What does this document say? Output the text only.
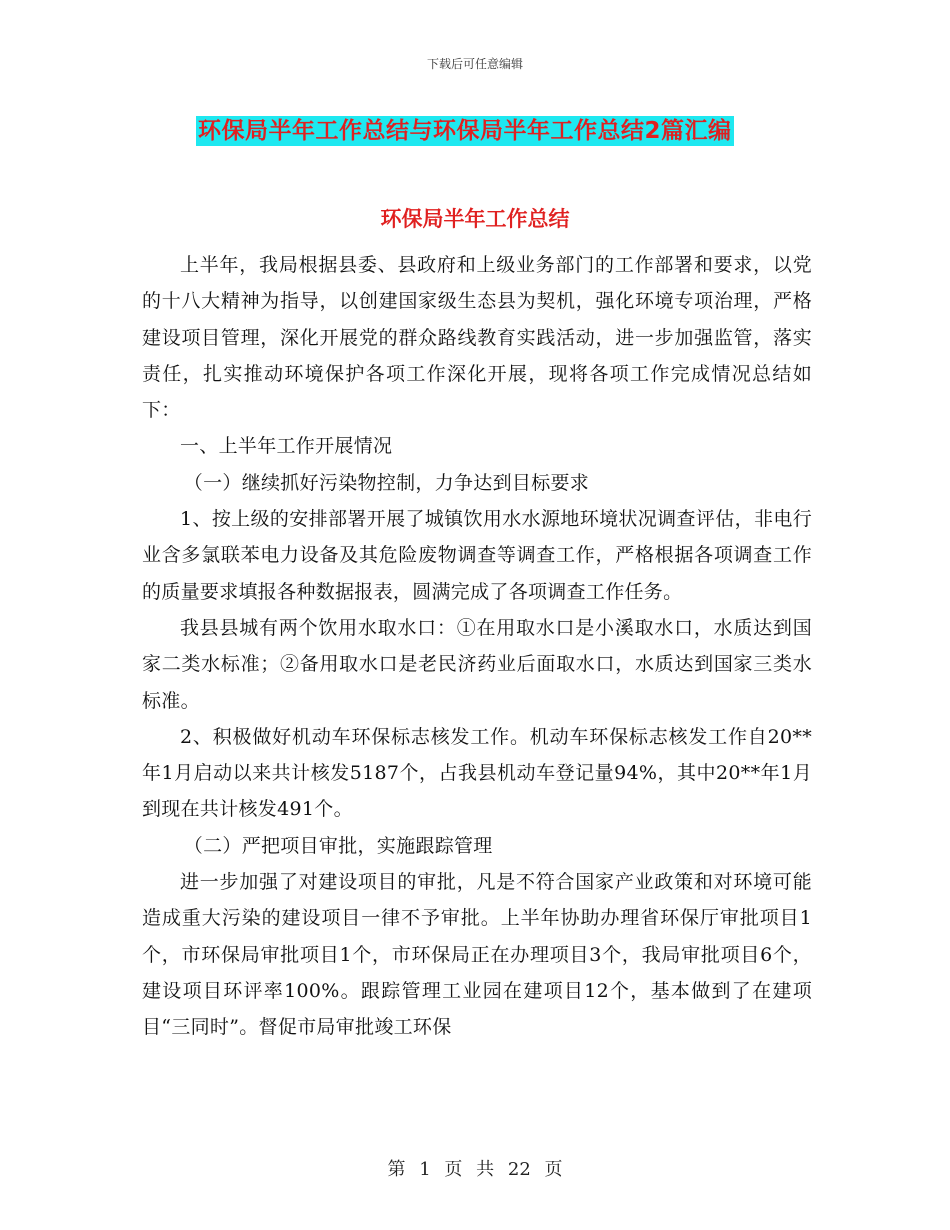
下载后可任意编辑
环保局半年工作总结与环保局半年工作总结2篇汇编
环保局半年工作总结

上半年，我局根据县委、县政府和上级业务部门的工作部署和要求，以党的十八大精神为指导，以创建国家级生态县为契机，强化环境专项治理，严格建设项目管理，深化开展党的群众路线教育实践活动，进一步加强监管，落实责任，扎实推动环境保护各项工作深化开展，现将各项工作完成情况总结如下：

一、上半年工作开展情况

（一）继续抓好污染物控制，力争达到目标要求

1、按上级的安排部署开展了城镇饮用水水源地环境状况调查评估，非电行业含多氯联苯电力设备及其危险废物调查等调查工作，严格根据各项调查工作的质量要求填报各种数据报表，圆满完成了各项调查工作任务。

我县县城有两个饮用水取水口：①在用取水口是小溪取水口，水质达到国家二类水标准；②备用取水口是老民济药业后面取水口，水质达到国家三类水标准。

2、积极做好机动车环保标志核发工作。机动车环保标志核发工作自20**年1月启动以来共计核发5187个，占我县机动车登记量94%，其中20**年1月到现在共计核发491个。

（二）严把项目审批，实施跟踪管理

进一步加强了对建设项目的审批，凡是不符合国家产业政策和对环境可能造成重大污染的建设项目一律不予审批。上半年协助办理省环保厅审批项目1个，市环保局审批项目1个，市环保局正在办理项目3个，我局审批项目6个，建设项目环评率100%。跟踪管理工业园在建项目12个，基本做到了在建项目“三同时”。督促市局审批竣工环保

第 1 页 共 22 页
